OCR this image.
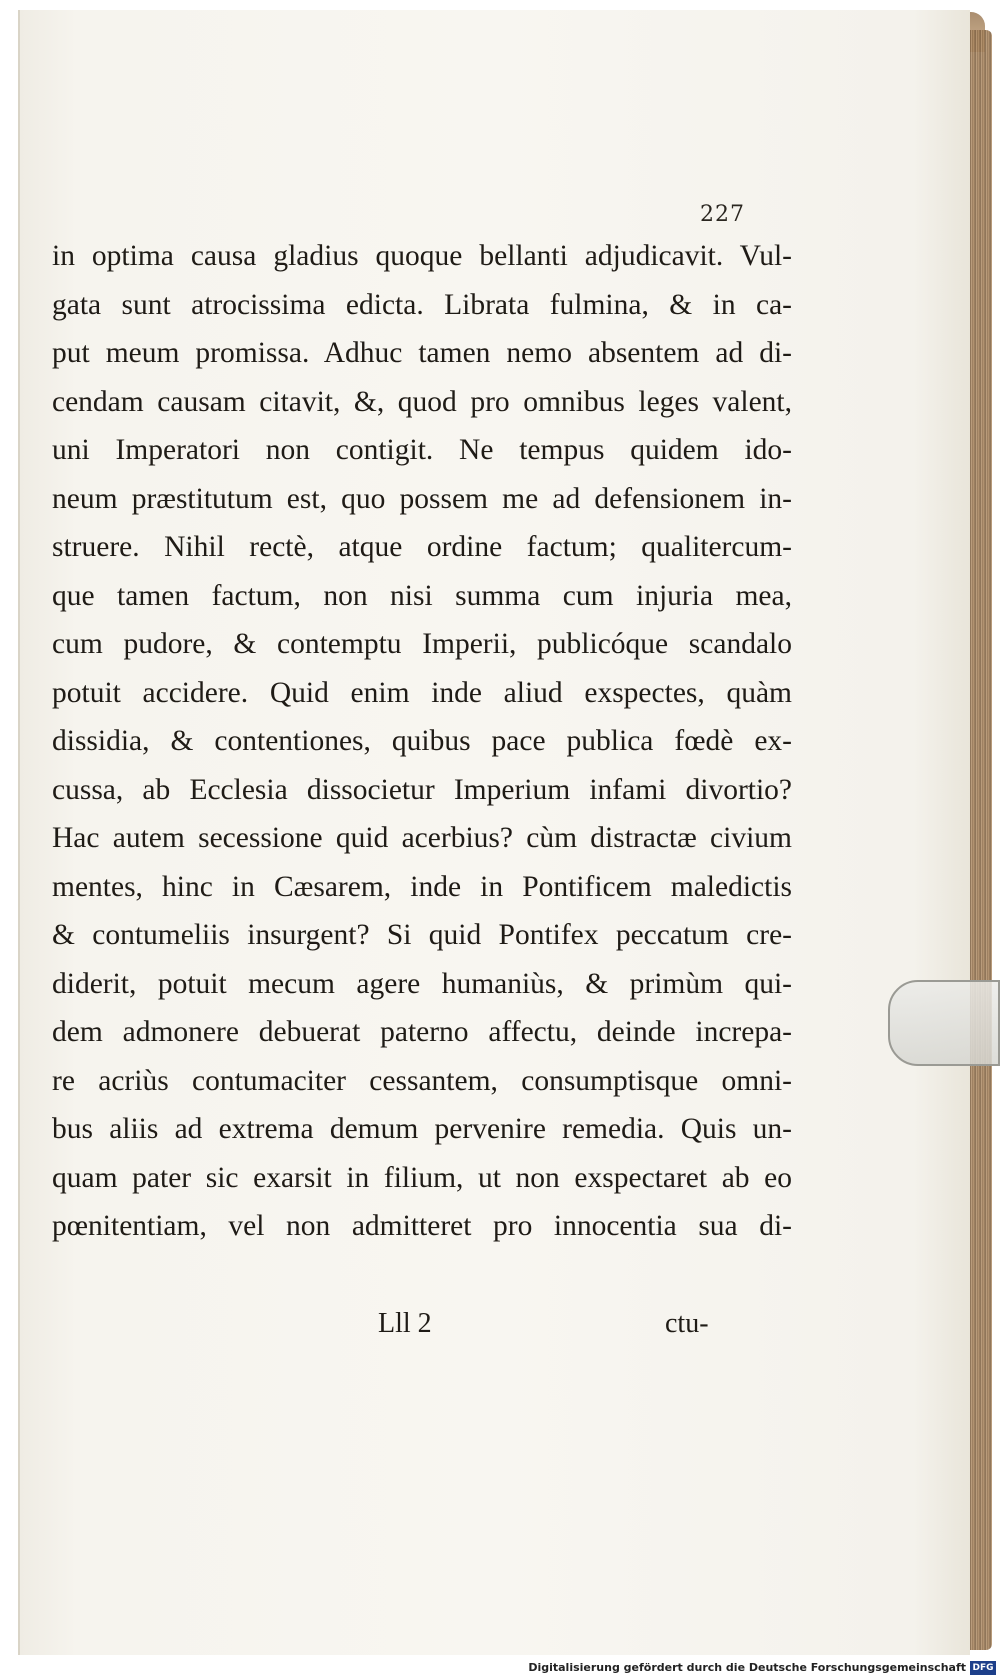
227
in optima causa gladius quoque bellanti adjudicavit. Vul-
gata sunt atrocissima edicta. Librata fulmina, & in ca-
put meum promissa. Adhuc tamen nemo absentem ad di-
cendam causam citavit, &, quod pro omnibus leges valent,
uni Imperatori non contigit. Ne tempus quidem ido-
neum præstitutum est, quo possem me ad defensionem in-
struere. Nihil rectè, atque ordine factum; qualitercum-
que tamen factum, non nisi summa cum injuria mea,
cum pudore, & contemptu Imperii, publicóque scandalo
potuit accidere. Quid enim inde aliud exspectes, quàm
dissidia, & contentiones, quibus pace publica fœdè ex-
cussa, ab Ecclesia dissocietur Imperium infami divortio?
Hac autem secessione quid acerbius? cùm distractæ civium
mentes, hinc in Cæsarem, inde in Pontificem maledictis
& contumeliis insurgent? Si quid Pontifex peccatum cre-
diderit, potuit mecum agere humaniùs, & primùm qui-
dem admonere debuerat paterno affectu, deinde increpa-
re acriùs contumaciter cessantem, consumptisque omni-
bus aliis ad extrema demum pervenire remedia. Quis un-
quam pater sic exarsit in filium, ut non exspectaret ab eo
pœnitentiam, vel non admitteret pro innocentia sua di-
Lll 2	ctu-
Digitalisierung gefördert durch die Deutsche Forschungsgemeinschaft DFG
